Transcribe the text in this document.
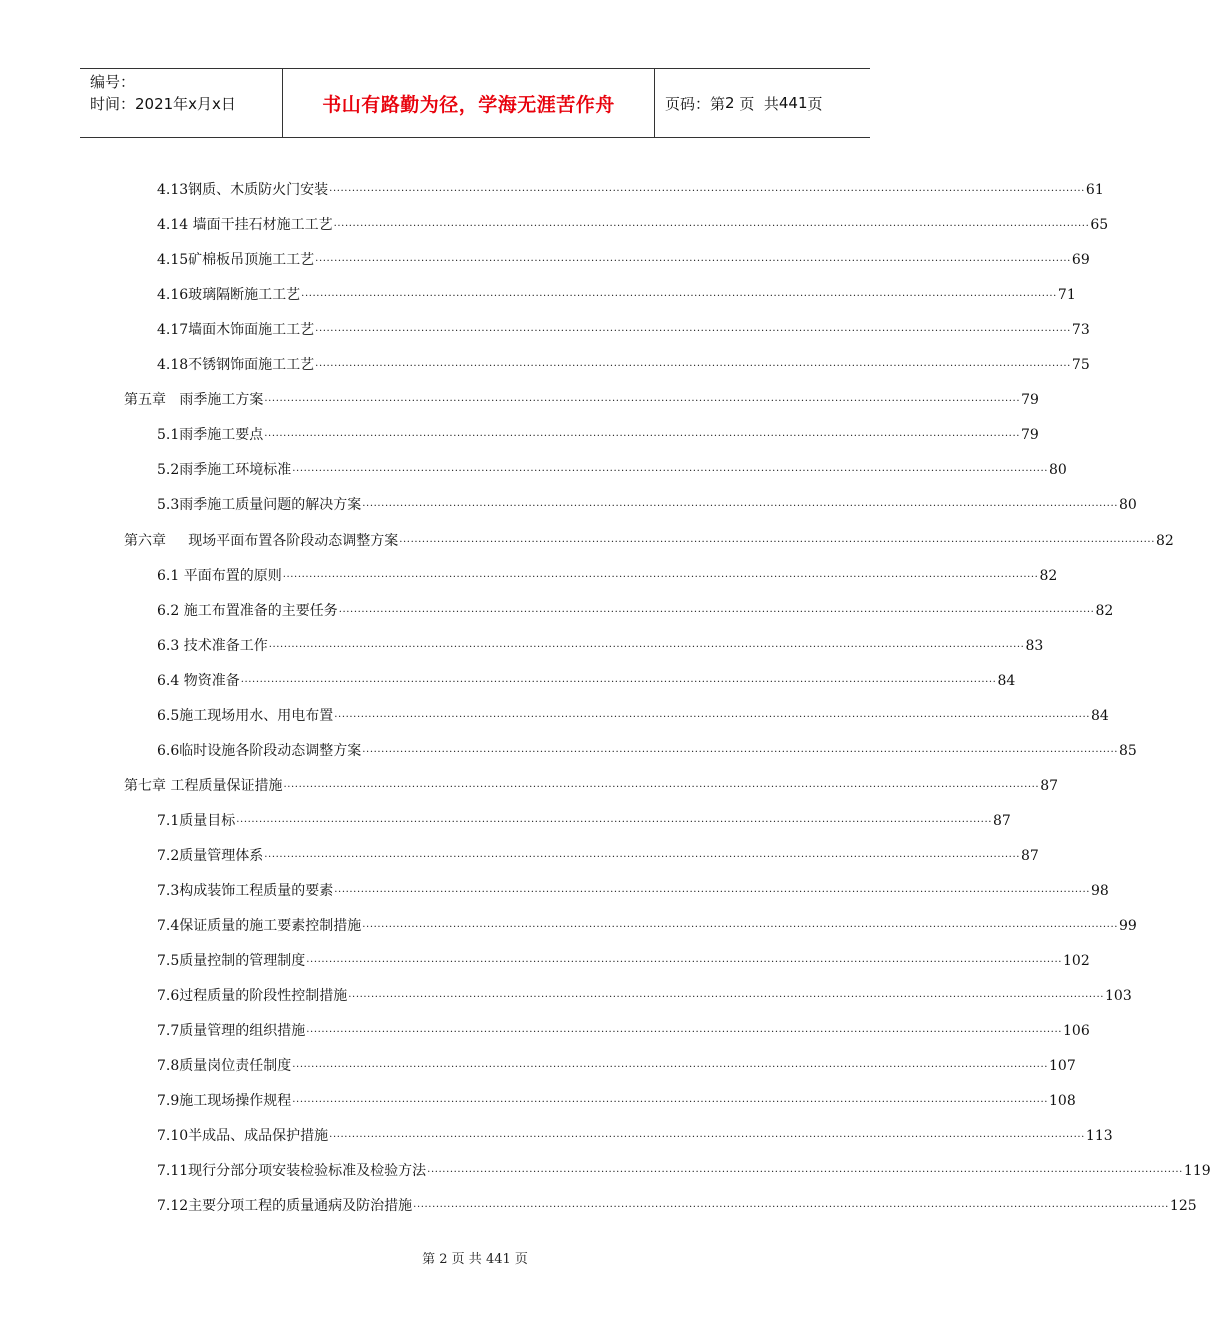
编号：
时间：2021年x月x日	书山有路勤为径，学海无涯苦作舟	页码：第 2
页  共 441 页
4.13钢质、木质防火门安装 ........................................................................................................................................................................................................ 61
4.14 墙面干挂石材施工工艺 ........................................................................................................................................................................................................ 65
4.15矿棉板吊顶施工工艺 ........................................................................................................................................................................................................ 69
4.16玻璃隔断施工工艺 ........................................................................................................................................................................................................ 71
4.17墙面木饰面施工工艺 ........................................................................................................................................................................................................ 73
4.18不锈钢饰面施工工艺 ........................................................................................................................................................................................................ 75
第五章   雨季施工方案 ........................................................................................................................................................................................................ 79
5.1雨季施工要点 ........................................................................................................................................................................................................ 79
5.2雨季施工环境标准 ........................................................................................................................................................................................................ 80
5.3雨季施工质量问题的解决方案 ........................................................................................................................................................................................................ 80
第六章     现场平面布置各阶段动态调整方案 ........................................................................................................................................................................................................ 82
6.1 平面布置的原则 ........................................................................................................................................................................................................ 82
6.2 施工布置准备的主要任务 ........................................................................................................................................................................................................ 82
6.3 技术准备工作 ........................................................................................................................................................................................................ 83
6.4 物资准备 ........................................................................................................................................................................................................ 84
6.5施工现场用水、用电布置 ........................................................................................................................................................................................................ 84
6.6临时设施各阶段动态调整方案 ........................................................................................................................................................................................................ 85
第七章 工程质量保证措施 ........................................................................................................................................................................................................ 87
7.1质量目标 ........................................................................................................................................................................................................ 87
7.2质量管理体系 ........................................................................................................................................................................................................ 87
7.3构成装饰工程质量的要素 ........................................................................................................................................................................................................ 98
7.4保证质量的施工要素控制措施 ........................................................................................................................................................................................................ 99
7.5质量控制的管理制度 ........................................................................................................................................................................................................ 102
7.6过程质量的阶段性控制措施 ........................................................................................................................................................................................................ 103
7.7质量管理的组织措施 ........................................................................................................................................................................................................ 106
7.8质量岗位责任制度 ........................................................................................................................................................................................................ 107
7.9施工现场操作规程 ........................................................................................................................................................................................................ 108
7.10半成品、成品保护措施 ........................................................................................................................................................................................................ 113
7.11现行分部分项安装检验标准及检验方法 ........................................................................................................................................................................................................ 119
7.12主要分项工程的质量通病及防治措施 ........................................................................................................................................................................................................ 125
第 2 页 共 441 页
